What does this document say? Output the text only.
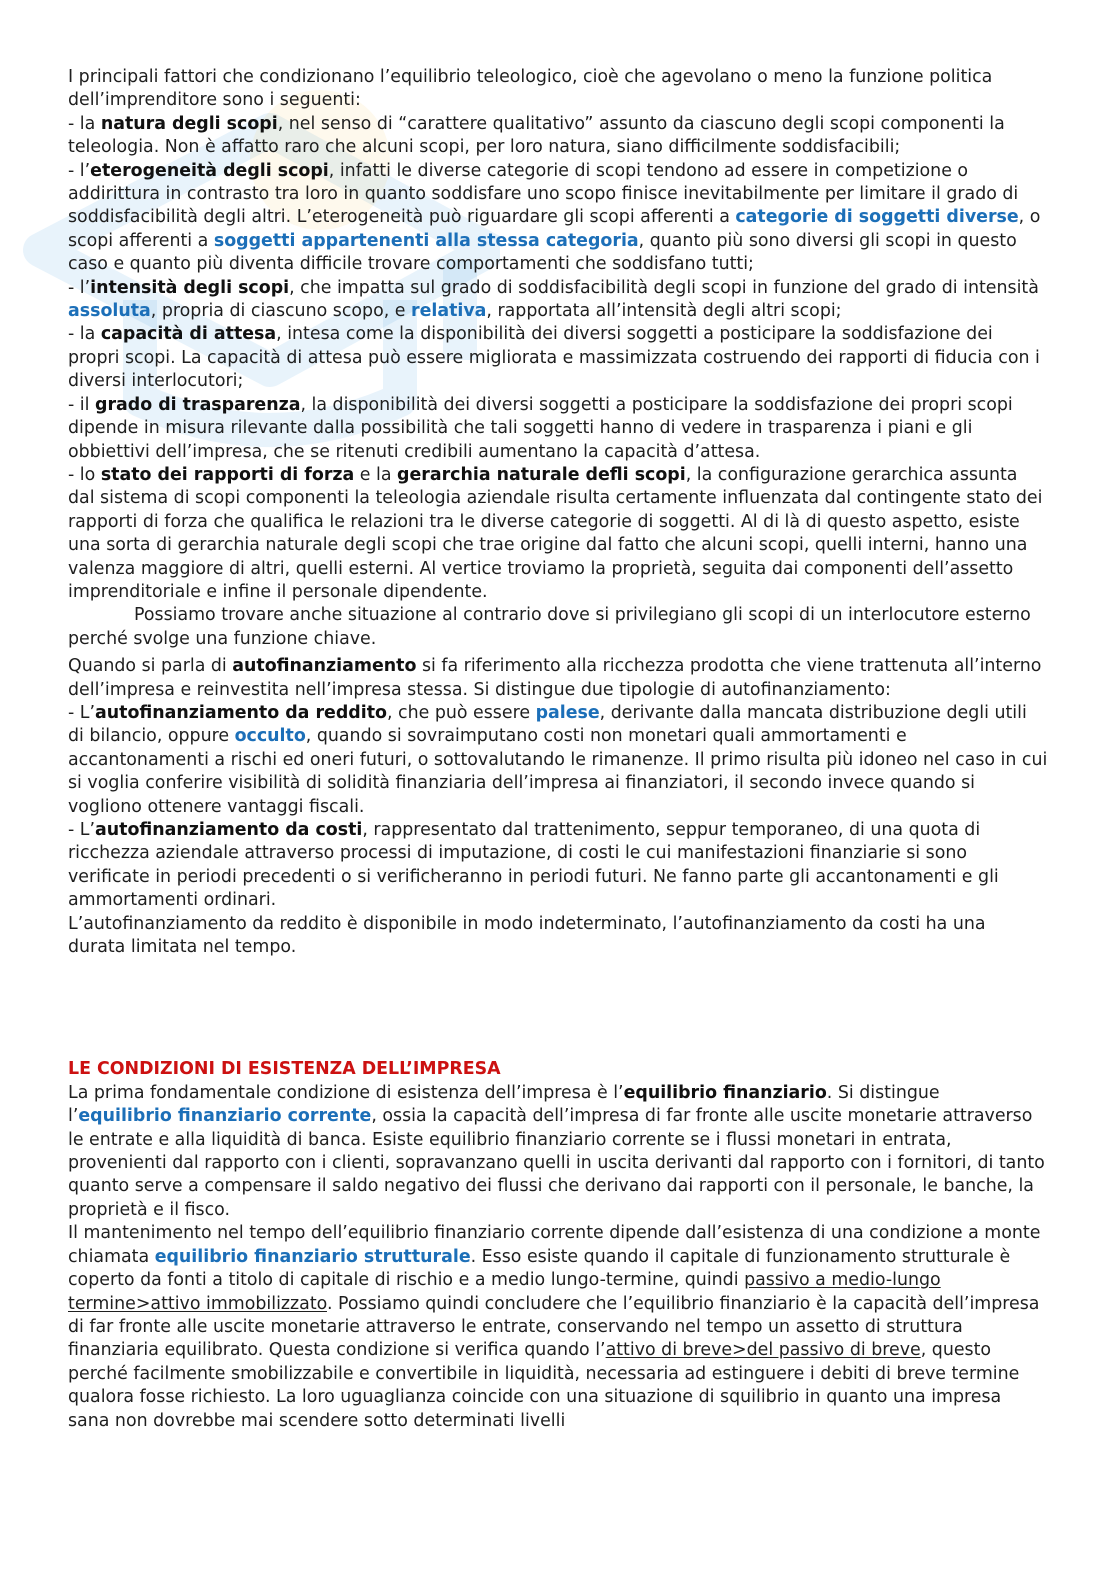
I principali fattori che condizionano l’equilibrio teleologico, cioè che agevolano o meno la funzione politica dell’imprenditore sono i seguenti:

- la natura degli scopi, nel senso di “carattere qualitativo” assunto da ciascuno degli scopi componenti la teleologia. Non è affatto raro che alcuni scopi, per loro natura, siano difficilmente soddisfacibili;

- l’eterogeneità degli scopi, infatti le diverse categorie di scopi tendono ad essere in competizione o addirittura in contrasto tra loro in quanto soddisfare uno scopo finisce inevitabilmente per limitare il grado di soddisfacibilità degli altri. L’eterogeneità può riguardare gli scopi afferenti a categorie di soggetti diverse, o scopi afferenti a soggetti appartenenti alla stessa categoria, quanto più sono diversi gli scopi in questo caso e quanto più diventa difficile trovare comportamenti che soddisfano tutti;

- l’intensità degli scopi, che impatta sul grado di soddisfacibilità degli scopi in funzione del grado di intensità assoluta, propria di ciascuno scopo, e relativa, rapportata all’intensità degli altri scopi;

- la capacità di attesa, intesa come la disponibilità dei diversi soggetti a posticipare la soddisfazione dei propri scopi. La capacità di attesa può essere migliorata e massimizzata costruendo dei rapporti di fiducia con i diversi interlocutori;

- il grado di trasparenza, la disponibilità dei diversi soggetti a posticipare la soddisfazione dei propri scopi dipende in misura rilevante dalla possibilità che tali soggetti hanno di vedere in trasparenza i piani e gli obbiettivi dell’impresa, che se ritenuti credibili aumentano la capacità d’attesa.

- lo stato dei rapporti di forza e la gerarchia naturale defli scopi, la configurazione gerarchica assunta dal sistema di scopi componenti la teleologia aziendale risulta certamente influenzata dal contingente stato dei rapporti di forza che qualifica le relazioni tra le diverse categorie di soggetti. Al di là di questo aspetto, esiste una sorta di gerarchia naturale degli scopi che trae origine dal fatto che alcuni scopi, quelli interni, hanno una valenza maggiore di altri, quelli esterni. Al vertice troviamo la proprietà, seguita dai componenti dell’assetto imprenditoriale e infine il personale dipendente.

Possiamo trovare anche situazione al contrario dove si privilegiano gli scopi di un interlocutore esterno perché svolge una funzione chiave.

Quando si parla di autofinanziamento si fa riferimento alla ricchezza prodotta che viene trattenuta all’interno dell’impresa e reinvestita nell’impresa stessa. Si distingue due tipologie di autofinanziamento:

- L’autofinanziamento da reddito, che può essere palese, derivante dalla mancata distribuzione degli utili di bilancio, oppure occulto, quando si sovraimputano costi non monetari quali ammortamenti e accantonamenti a rischi ed oneri futuri, o sottovalutando le rimanenze. Il primo risulta più idoneo nel caso in cui si voglia conferire visibilità di solidità finanziaria dell’impresa ai finanziatori, il secondo invece quando si vogliono ottenere vantaggi fiscali.

- L’autofinanziamento da costi, rappresentato dal trattenimento, seppur temporaneo, di una quota di ricchezza aziendale attraverso processi di imputazione, di costi le cui manifestazioni finanziarie si sono verificate in periodi precedenti o si verificheranno in periodi futuri. Ne fanno parte gli accantonamenti e gli ammortamenti ordinari.

L’autofinanziamento da reddito è disponibile in modo indeterminato, l’autofinanziamento da costi ha una durata limitata nel tempo.

LE CONDIZIONI DI ESISTENZA DELL’IMPRESA

La prima fondamentale condizione di esistenza dell’impresa è l’equilibrio finanziario. Si distingue l’equilibrio finanziario corrente, ossia la capacità dell’impresa di far fronte alle uscite monetarie attraverso le entrate e alla liquidità di banca. Esiste equilibrio finanziario corrente se i flussi monetari in entrata, provenienti dal rapporto con i clienti, sopravanzano quelli in uscita derivanti dal rapporto con i fornitori, di tanto quanto serve a compensare il saldo negativo dei flussi che derivano dai rapporti con il personale, le banche, la proprietà e il fisco.

Il mantenimento nel tempo dell’equilibrio finanziario corrente dipende dall’esistenza di una condizione a monte chiamata equilibrio finanziario strutturale. Esso esiste quando il capitale di funzionamento strutturale è coperto da fonti a titolo di capitale di rischio e a medio lungo-termine, quindi passivo a medio-lungo termine>attivo immobilizzato. Possiamo quindi concludere che l’equilibrio finanziario è la capacità dell’impresa di far fronte alle uscite monetarie attraverso le entrate, conservando nel tempo un assetto di struttura finanziaria equilibrato. Questa condizione si verifica quando l’attivo di breve>del passivo di breve, questo perché facilmente smobilizzabile e convertibile in liquidità, necessaria ad estinguere i debiti di breve termine qualora fosse richiesto. La loro uguaglianza coincide con una situazione di squilibrio in quanto una impresa sana non dovrebbe mai scendere sotto determinati livelli
